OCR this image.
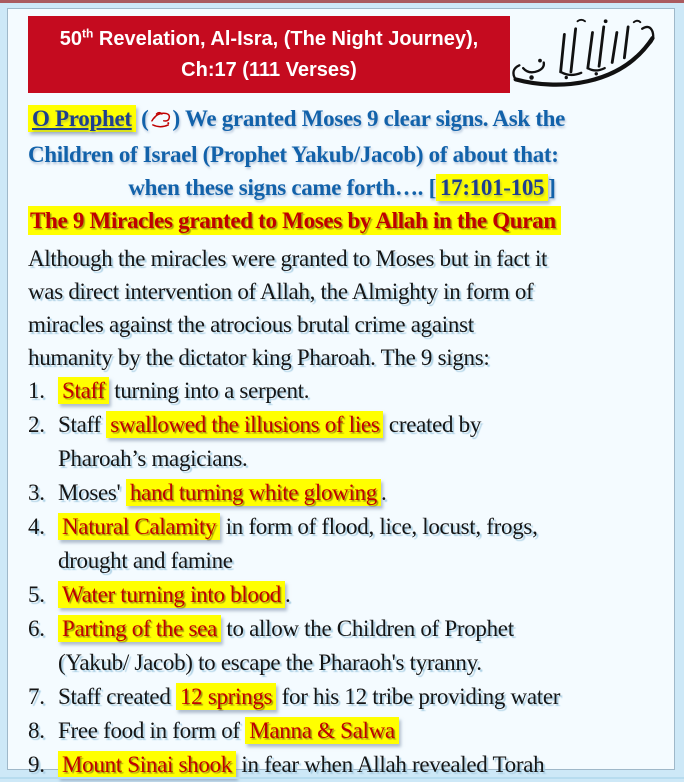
50th Revelation, Al-Isra, (The Night Journey),
Ch:17 (111 Verses)
O Prophet ( ) We granted Moses 9 clear signs. Ask the
Children of Israel (Prophet Yakub/Jacob) of about that:
when these signs came forth…. [ 17:101-105 ]
The 9 Miracles granted to Moses by Allah in the Quran
Although the miracles were granted to Moses but in fact it
was direct intervention of Allah, the Almighty in form of
miracles against the atrocious brutal crime against
humanity by the dictator king Pharoah. The 9 signs:
1. Staff turning into a serpent.
2. Staff swallowed the illusions of lies created by
Pharoah’s magicians.
3. Moses' hand turning white glowing .
4. Natural Calamity in form of flood, lice, locust, frogs,
drought and famine
5. Water turning into blood .
6. Parting of the sea to allow the Children of Prophet
(Yakub/ Jacob) to escape the Pharaoh's tyranny.
7. Staff created 12 springs for his 12 tribe providing water
8. Free food in form of Manna & Salwa
9. Mount Sinai shook in fear when Allah revealed Torah
